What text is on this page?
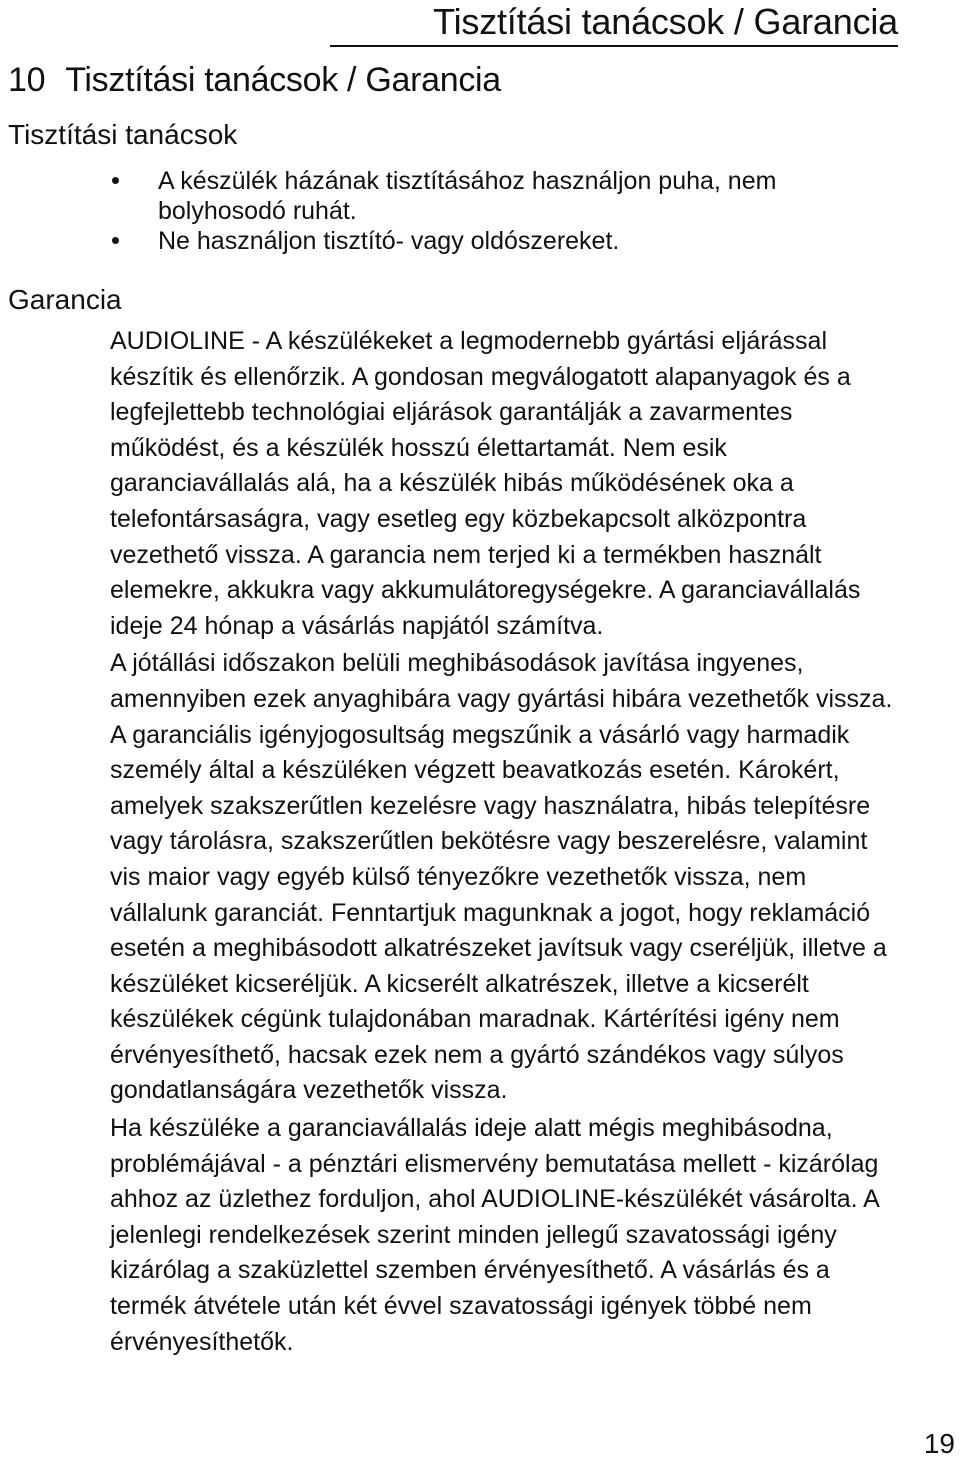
Tisztítási tanácsok / Garancia
10 Tisztítási tanácsok / Garancia
Tisztítási tanácsok
A készülék házának tisztításához használjon puha, nem bolyhosodó ruhát.
Ne használjon tisztító- vagy oldószereket.
Garancia

AUDIOLINE - A készülékeket a legmodernebb gyártási eljárással készítik és ellenőrzik. A gondosan megválogatott alapanyagok és a legfejlettebb technológiai eljárások garantálják a zavarmentes működést, és a készülék hosszú élettartamát. Nem esik garanciavállalás alá, ha a készülék hibás működésének oka a telefontársaságra, vagy esetleg egy közbekapcsolt alközpontra vezethető vissza. A garancia nem terjed ki a termékben használt elemekre, akkukra vagy akkumulátoregységekre. A garanciavállalás ideje 24 hónap a vásárlás napjától számítva.

A jótállási időszakon belüli meghibásodások javítása ingyenes, amennyiben ezek anyaghibára vagy gyártási hibára vezethetők vissza. A garanciális igényjogosultság megszűnik a vásárló vagy harmadik személy által a készüléken végzett beavatkozás esetén. Károkért, amelyek szakszerűtlen kezelésre vagy használatra, hibás telepítésre vagy tárolásra, szakszerűtlen bekötésre vagy beszerelésre, valamint vis maior vagy egyéb külső tényezőkre vezethetők vissza, nem vállalunk garanciát. Fenntartjuk magunknak a jogot, hogy reklamáció esetén a meghibásodott alkatrészeket javítsuk vagy cseréljük, illetve a készüléket kicseréljük. A kicserélt alkatrészek, illetve a kicserélt készülékek cégünk tulajdonában maradnak. Kártérítési igény nem érvényesíthető, hacsak ezek nem a gyártó szándékos vagy súlyos gondatlanságára vezethetők vissza.

Ha készüléke a garanciavállalás ideje alatt mégis meghibásodna, problémájával - a pénztári elismervény bemutatása mellett - kizárólag ahhoz az üzlethez forduljon, ahol AUDIOLINE-készülékét vásárolta. A jelenlegi rendelkezések szerint minden jellegű szavatossági igény kizárólag a szaküzlettel szemben érvényesíthető. A vásárlás és a termék átvétele után két évvel szavatossági igények többé nem érvényesíthetők.

19
